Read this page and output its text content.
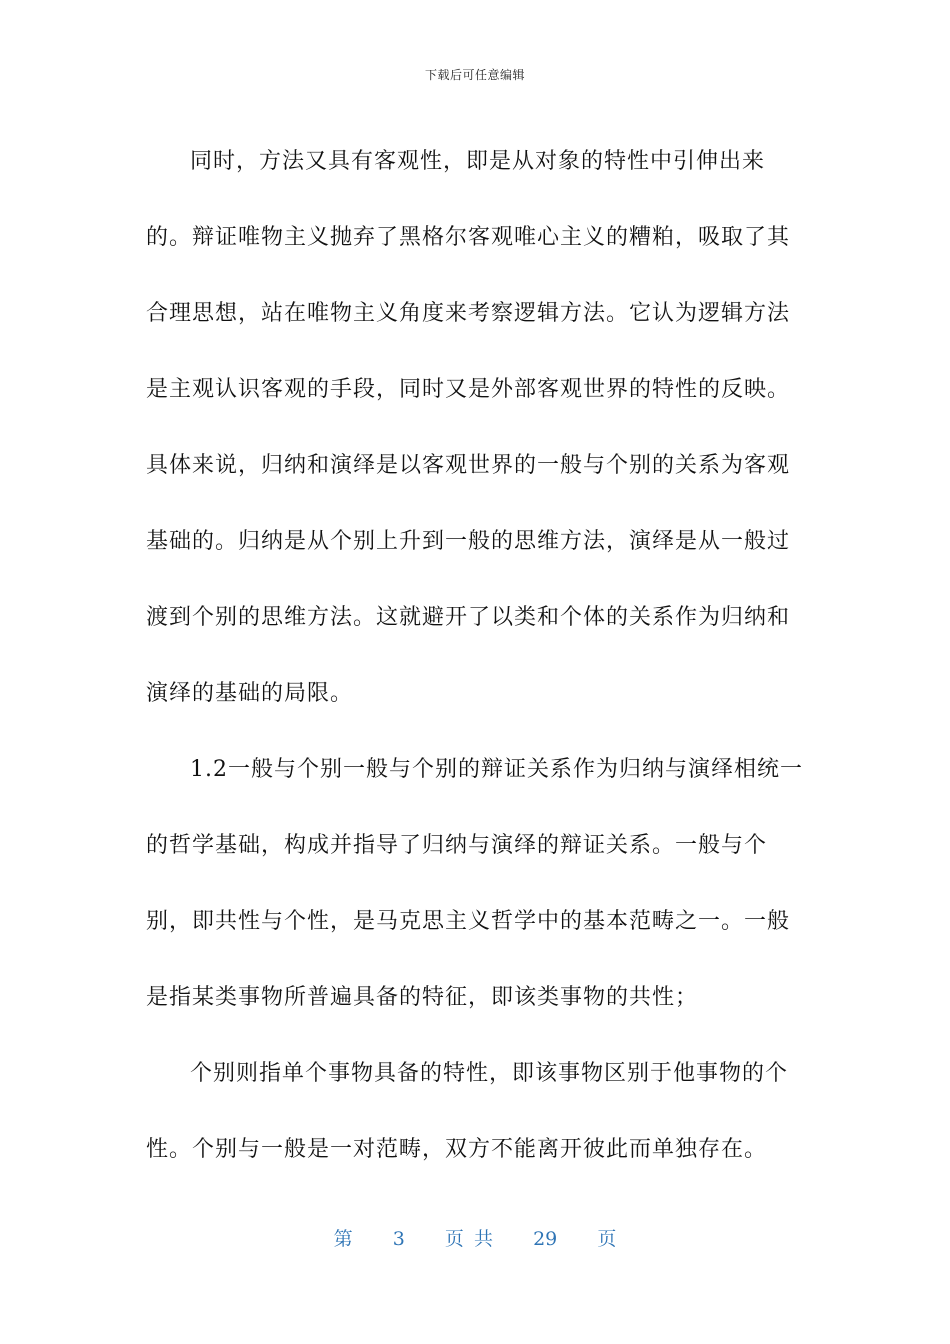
下载后可任意编辑

同时，方法又具有客观性，即是从对象的特性中引伸出来的。辩证唯物主义抛弃了黑格尔客观唯心主义的糟粕，吸取了其合理思想，站在唯物主义角度来考察逻辑方法。它认为逻辑方法是主观认识客观的手段，同时又是外部客观世界的特性的反映。具体来说，归纳和演绎是以客观世界的一般与个别的关系为客观基础的。归纳是从个别上升到一般的思维方法，演绎是从一般过渡到个别的思维方法。这就避开了以类和个体的关系作为归纳和演绎的基础的局限。

1.2一般与个别一般与个别的辩证关系作为归纳与演绎相统一的哲学基础，构成并指导了归纳与演绎的辩证关系。一般与个别，即共性与个性，是马克思主义哲学中的基本范畴之一。一般是指某类事物所普遍具备的特征，即该类事物的共性；

个别则指单个事物具备的特性，即该事物区别于他事物的个性。个别与一般是一对范畴，双方不能离开彼此而单独存在。

第 3 页 共 29 页
